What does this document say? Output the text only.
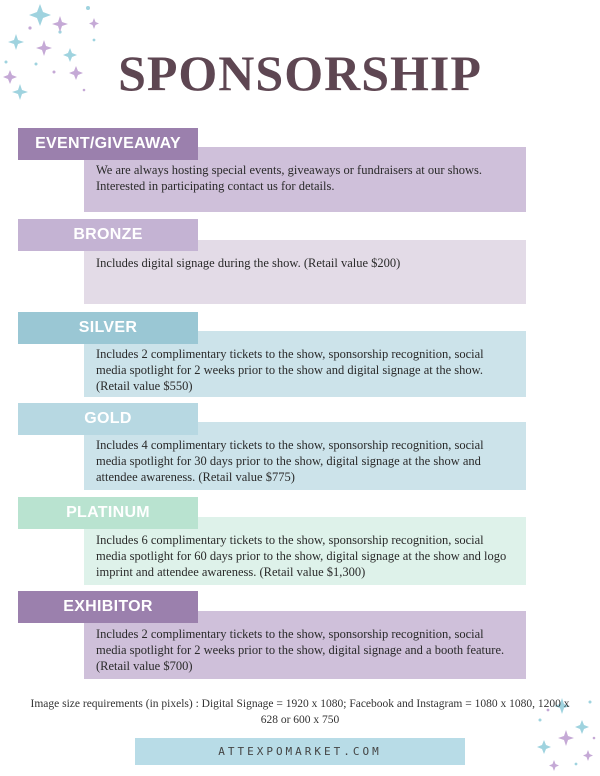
SPONSORSHIP
We are always hosting special events, giveaways or fundraisers at our shows. Interested in participating contact us for details.
EVENT/GIVEAWAY
Includes digital signage during the show. (Retail value $200)
BRONZE
Includes 2 complimentary tickets to the show, sponsorship recognition, social media spotlight for 2 weeks prior to the show and digital signage at the show. (Retail value $550)
SILVER
Includes 4 complimentary tickets to the show, sponsorship recognition, social media spotlight for 30 days prior to the show, digital signage at the show and attendee awareness. (Retail value $775)
GOLD
Includes 6 complimentary tickets to the show, sponsorship recognition, social media spotlight for 60 days prior to the show, digital signage at the show and logo imprint and attendee awareness. (Retail value $1,300)
PLATINUM
Includes 2 complimentary tickets to the show, sponsorship recognition, social media spotlight for 2 weeks prior to the show, digital signage and a booth feature. (Retail value $700)
EXHIBITOR
Image size requirements (in pixels) : Digital Signage = 1920 x 1080; Facebook and Instagram = 1080 x 1080, 1200 x 628 or 600 x 750
ATTEXPOMARKET.COM
